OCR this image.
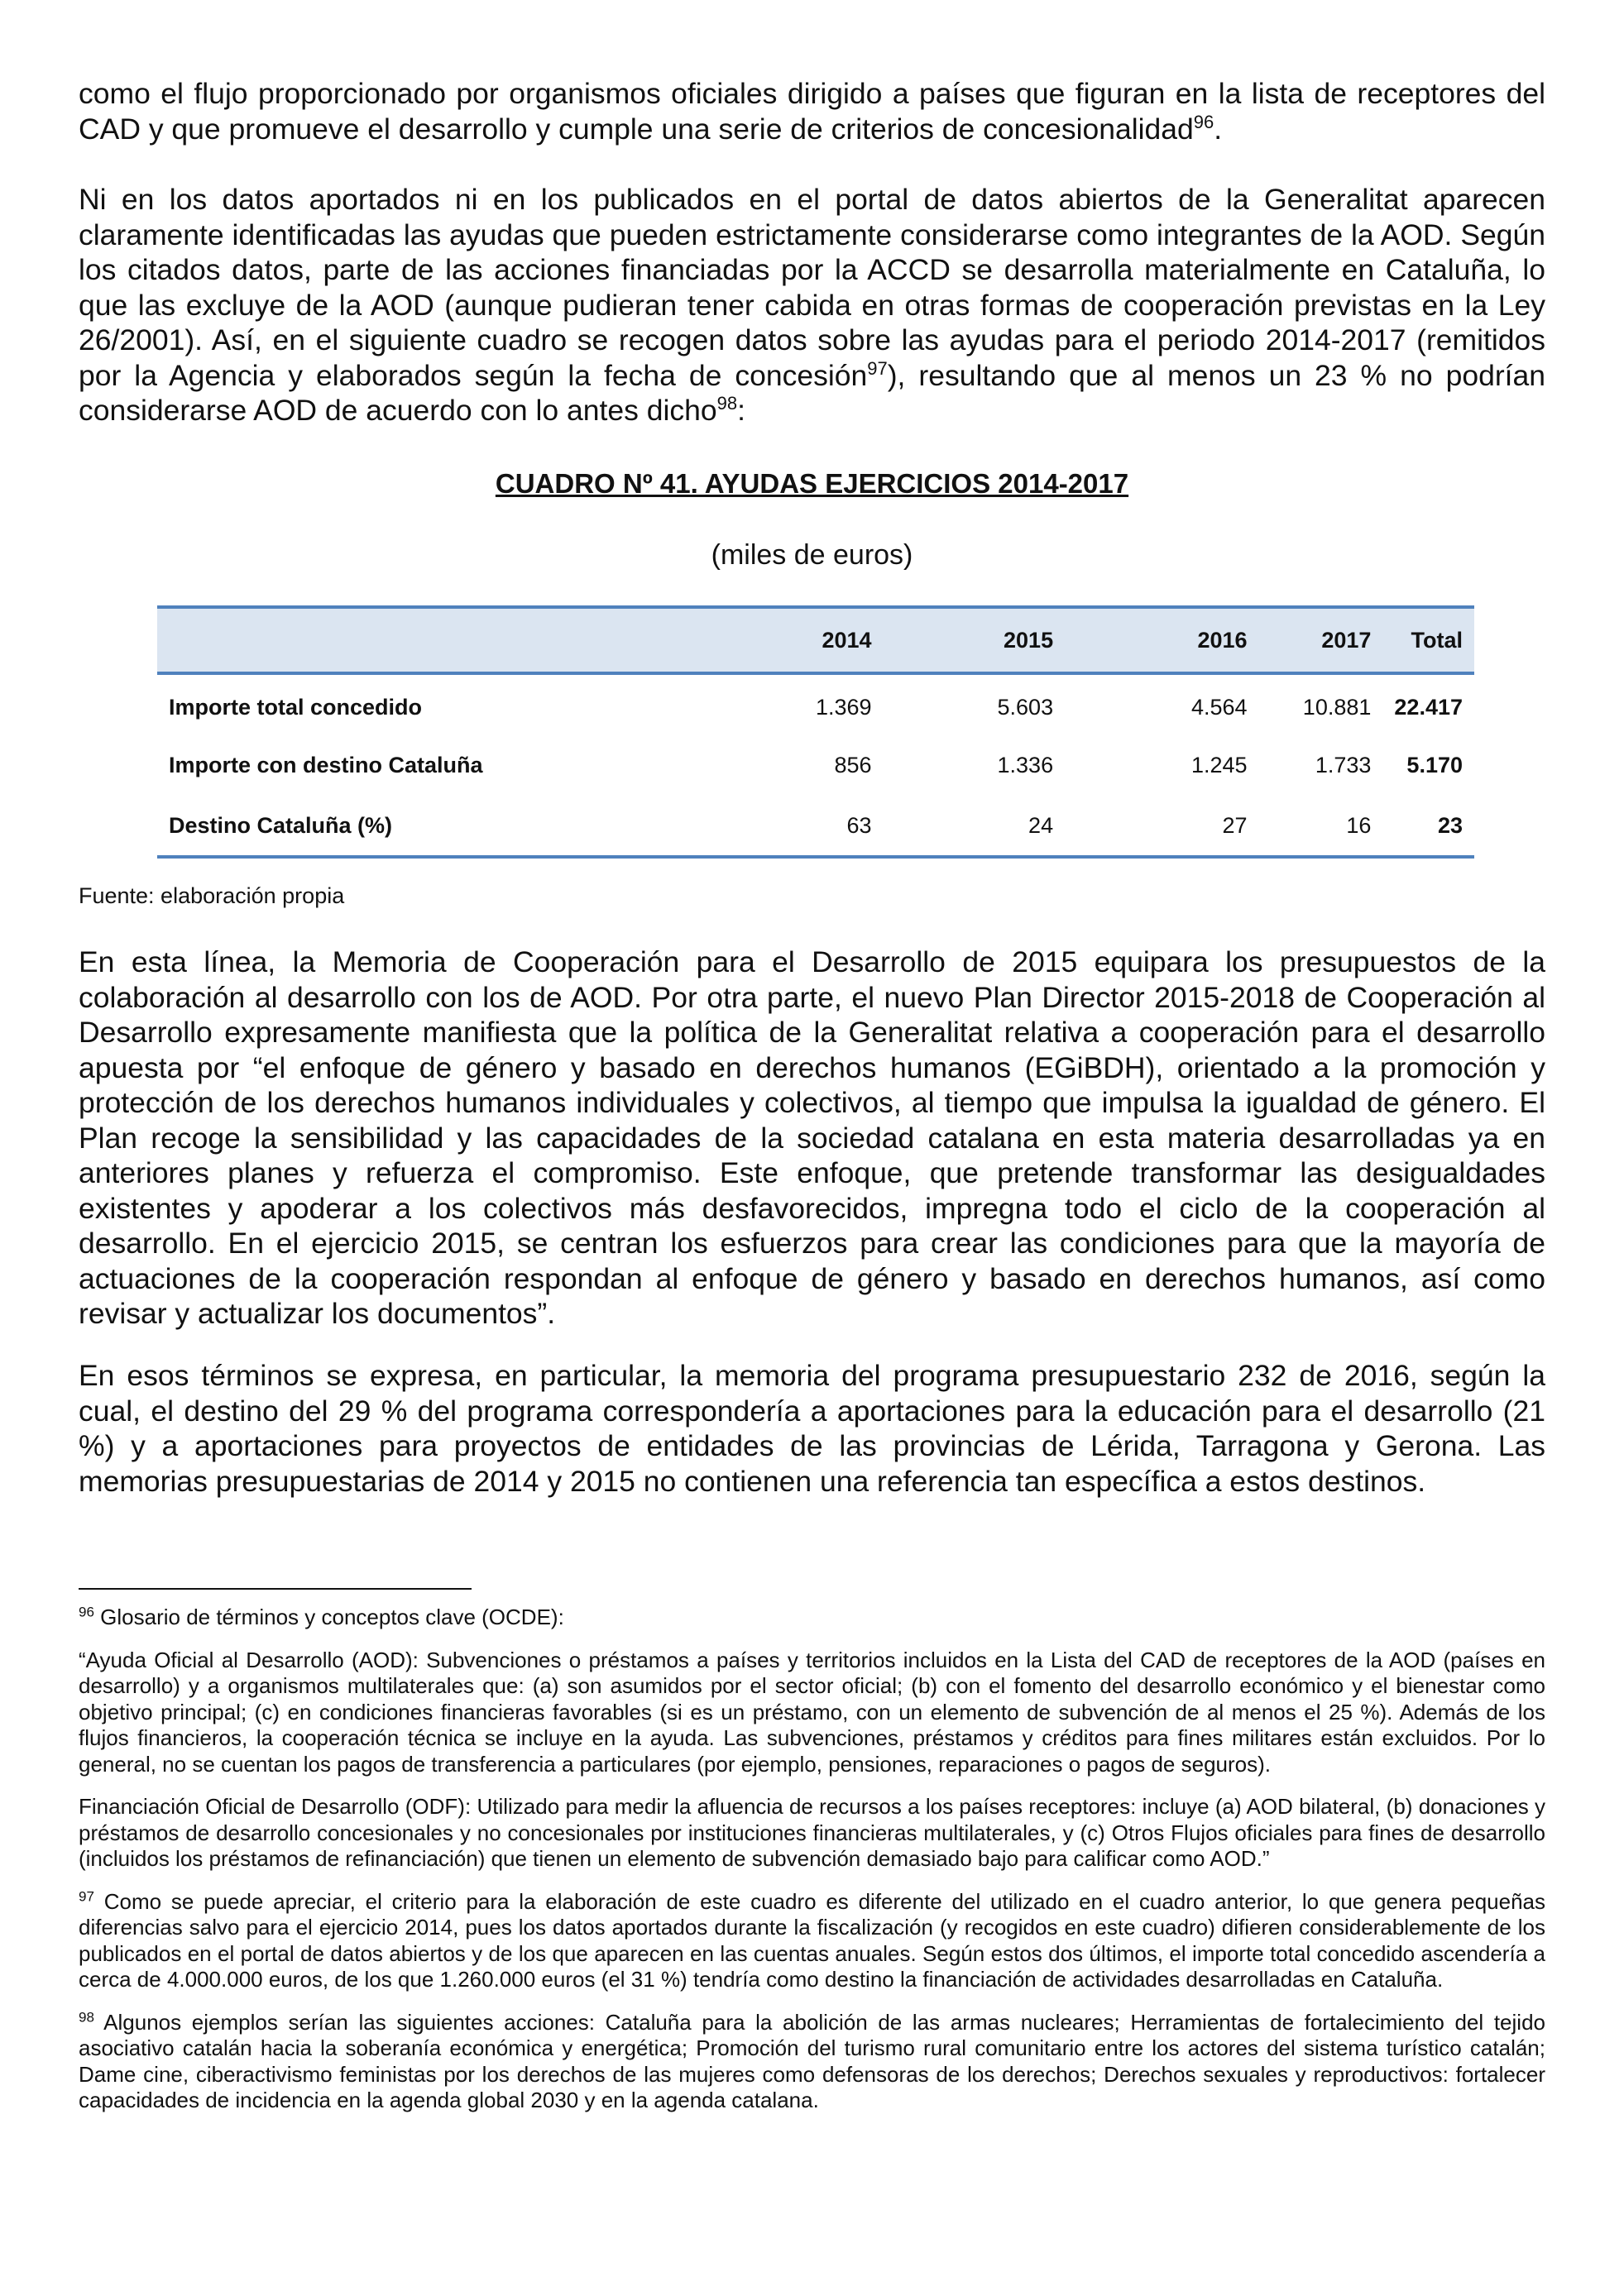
como el flujo proporcionado por organismos oficiales dirigido a países que figuran en la lista de receptores del CAD y que promueve el desarrollo y cumple una serie de criterios de concesionalidad$^{96}$.

Ni en los datos aportados ni en los publicados en el portal de datos abiertos de la Generalitat aparecen claramente identificadas las ayudas que pueden estrictamente considerarse como integrantes de la AOD. Según los citados datos, parte de las acciones financiadas por la ACCD se desarrolla materialmente en Cataluña, lo que las excluye de la AOD (aunque pudieran tener cabida en otras formas de cooperación previstas en la Ley 26/2001). Así, en el siguiente cuadro se recogen datos sobre las ayudas para el periodo 2014-2017 (remitidos por la Agencia y elaborados según la fecha de concesión$^{97}$), resultando que al menos un 23 % no podrían considerarse AOD de acuerdo con lo antes dicho$^{98}$:

CUADRO Nº 41. AYUDAS EJERCICIOS 2014-2017
(miles de euros)
	2014	2015	2016	2017	Total
Importe total concedido	1.369	5.603	4.564	10.881	22.417
Importe con destino Cataluña	856	1.336	1.245	1.733	5.170
Destino Cataluña (%)	63	24	27	16	23
Fuente: elaboración propia

En esta línea, la Memoria de Cooperación para el Desarrollo de 2015 equipara los presupuestos de la colaboración al desarrollo con los de AOD. Por otra parte, el nuevo Plan Director 2015-2018 de Cooperación al Desarrollo expresamente manifiesta que la política de la Generalitat relativa a cooperación para el desarrollo apuesta por “el enfoque de género y basado en derechos humanos (EGiBDH), orientado a la promoción y protección de los derechos humanos individuales y colectivos, al tiempo que impulsa la igualdad de género. El Plan recoge la sensibilidad y las capacidades de la sociedad catalana en esta materia desarrolladas ya en anteriores planes y refuerza el compromiso. Este enfoque, que pretende transformar las desigualdades existentes y apoderar a los colectivos más desfavorecidos, impregna todo el ciclo de la cooperación al desarrollo. En el ejercicio 2015, se centran los esfuerzos para crear las condiciones para que la mayoría de actuaciones de la cooperación respondan al enfoque de género y basado en derechos humanos, así como revisar y actualizar los documentos”.

En esos términos se expresa, en particular, la memoria del programa presupuestario 232 de 2016, según la cual, el destino del 29 % del programa correspondería a aportaciones para la educación para el desarrollo (21 %) y a aportaciones para proyectos de entidades de las provincias de Lérida, Tarragona y Gerona. Las memorias presupuestarias de 2014 y 2015 no contienen una referencia tan específica a estos destinos.

$^{96}$ Glosario de términos y conceptos clave (OCDE):

“Ayuda Oficial al Desarrollo (AOD): Subvenciones o préstamos a países y territorios incluidos en la Lista del CAD de receptores de la AOD (países en desarrollo) y a organismos multilaterales que: (a) son asumidos por el sector oficial; (b) con el fomento del desarrollo económico y el bienestar como objetivo principal; (c) en condiciones financieras favorables (si es un préstamo, con un elemento de subvención de al menos el 25 %). Además de los flujos financieros, la cooperación técnica se incluye en la ayuda. Las subvenciones, préstamos y créditos para fines militares están excluidos. Por lo general, no se cuentan los pagos de transferencia a particulares (por ejemplo, pensiones, reparaciones o pagos de seguros).

Financiación Oficial de Desarrollo (ODF): Utilizado para medir la afluencia de recursos a los países receptores: incluye (a) AOD bilateral, (b) donaciones y préstamos de desarrollo concesionales y no concesionales por instituciones financieras multilaterales, y (c) Otros Flujos oficiales para fines de desarrollo (incluidos los préstamos de refinanciación) que tienen un elemento de subvención demasiado bajo para calificar como AOD.”

$^{97}$ Como se puede apreciar, el criterio para la elaboración de este cuadro es diferente del utilizado en el cuadro anterior, lo que genera pequeñas diferencias salvo para el ejercicio 2014, pues los datos aportados durante la fiscalización (y recogidos en este cuadro) difieren considerablemente de los publicados en el portal de datos abiertos y de los que aparecen en las cuentas anuales. Según estos dos últimos, el importe total concedido ascendería a cerca de 4.000.000 euros, de los que 1.260.000 euros (el 31 %) tendría como destino la financiación de actividades desarrolladas en Cataluña.

$^{98}$ Algunos ejemplos serían las siguientes acciones: Cataluña para la abolición de las armas nucleares; Herramientas de fortalecimiento del tejido asociativo catalán hacia la soberanía económica y energética; Promoción del turismo rural comunitario entre los actores del sistema turístico catalán; Dame cine, ciberactivismo feministas por los derechos de las mujeres como defensoras de los derechos; Derechos sexuales y reproductivos: fortalecer capacidades de incidencia en la agenda global 2030 y en la agenda catalana.
